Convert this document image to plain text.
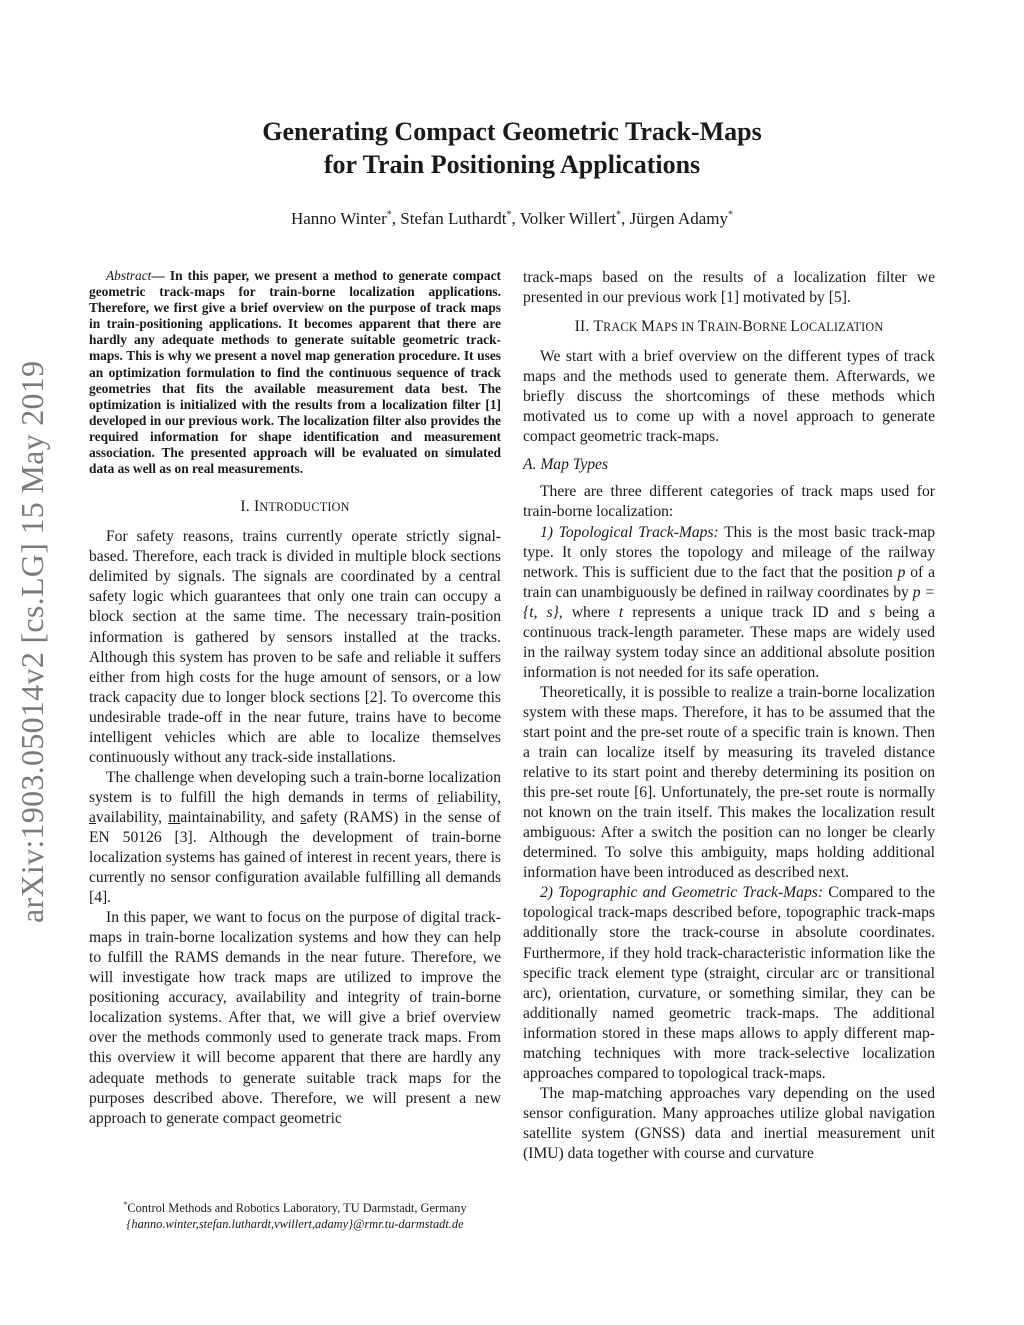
arXiv:1903.05014v2 [cs.LG] 15 May 2019
Generating Compact Geometric Track-Maps
for Train Positioning Applications
Hanno Winter*, Stefan Luthardt*, Volker Willert*, Jürgen Adamy*
Abstract— In this paper, we present a method to generate compact geometric track-maps for train-borne localization applications. Therefore, we first give a brief overview on the purpose of track maps in train-positioning applications. It becomes apparent that there are hardly any adequate methods to generate suitable geometric track-maps. This is why we present a novel map generation procedure. It uses an optimization formulation to find the continuous sequence of track geometries that fits the available measurement data best. The optimization is initialized with the results from a localization filter [1] developed in our previous work. The localization filter also provides the required information for shape identification and measurement association. The presented approach will be evaluated on simulated data as well as on real measurements.
I. INTRODUCTION

For safety reasons, trains currently operate strictly signal-based. Therefore, each track is divided in multiple block sections delimited by signals. The signals are coordinated by a central safety logic which guarantees that only one train can occupy a block section at the same time. The necessary train-position information is gathered by sensors installed at the tracks. Although this system has proven to be safe and reliable it suffers either from high costs for the huge amount of sensors, or a low track capacity due to longer block sections [2]. To overcome this undesirable trade-off in the near future, trains have to become intelligent vehicles which are able to localize themselves continuously without any track-side installations.

The challenge when developing such a train-borne localization system is to fulfill the high demands in terms of reliability, availability, maintainability, and safety (RAMS) in the sense of EN 50126 [3]. Although the development of train-borne localization systems has gained of interest in recent years, there is currently no sensor configuration available fulfilling all demands [4].

In this paper, we want to focus on the purpose of digital track-maps in train-borne localization systems and how they can help to fulfill the RAMS demands in the near future. Therefore, we will investigate how track maps are utilized to improve the positioning accuracy, availability and integrity of train-borne localization systems. After that, we will give a brief overview over the methods commonly used to generate track maps. From this overview it will become apparent that there are hardly any adequate methods to generate suitable track maps for the purposes described above. Therefore, we will present a new approach to generate compact geometric

*Control Methods and Robotics Laboratory, TU Darmstadt, Germany
{hanno.winter,stefan.luthardt,vwillert,adamy}@rmr.tu-darmstadt.de

track-maps based on the results of a localization filter we presented in our previous work [1] motivated by [5].

II. TRACK MAPS IN TRAIN-BORNE LOCALIZATION

We start with a brief overview on the different types of track maps and the methods used to generate them. Afterwards, we briefly discuss the shortcomings of these methods which motivated us to come up with a novel approach to generate compact geometric track-maps.

A. Map Types

There are three different categories of track maps used for train-borne localization:

1) Topological Track-Maps: This is the most basic track-map type. It only stores the topology and mileage of the railway network. This is sufficient due to the fact that the position p of a train can unambiguously be defined in railway coordinates by p = {t, s}, where t represents a unique track ID and s being a continuous track-length parameter. These maps are widely used in the railway system today since an additional absolute position information is not needed for its safe operation.

Theoretically, it is possible to realize a train-borne localization system with these maps. Therefore, it has to be assumed that the start point and the pre-set route of a specific train is known. Then a train can localize itself by measuring its traveled distance relative to its start point and thereby determining its position on this pre-set route [6]. Unfortunately, the pre-set route is normally not known on the train itself. This makes the localization result ambiguous: After a switch the position can no longer be clearly determined. To solve this ambiguity, maps holding additional information have been introduced as described next.

2) Topographic and Geometric Track-Maps: Compared to the topological track-maps described before, topographic track-maps additionally store the track-course in absolute coordinates. Furthermore, if they hold track-characteristic information like the specific track element type (straight, circular arc or transitional arc), orientation, curvature, or something similar, they can be additionally named geometric track-maps. The additional information stored in these maps allows to apply different map-matching techniques with more track-selective localization approaches compared to topological track-maps.

The map-matching approaches vary depending on the used sensor configuration. Many approaches utilize global navigation satellite system (GNSS) data and inertial measurement unit (IMU) data together with course and curvature
